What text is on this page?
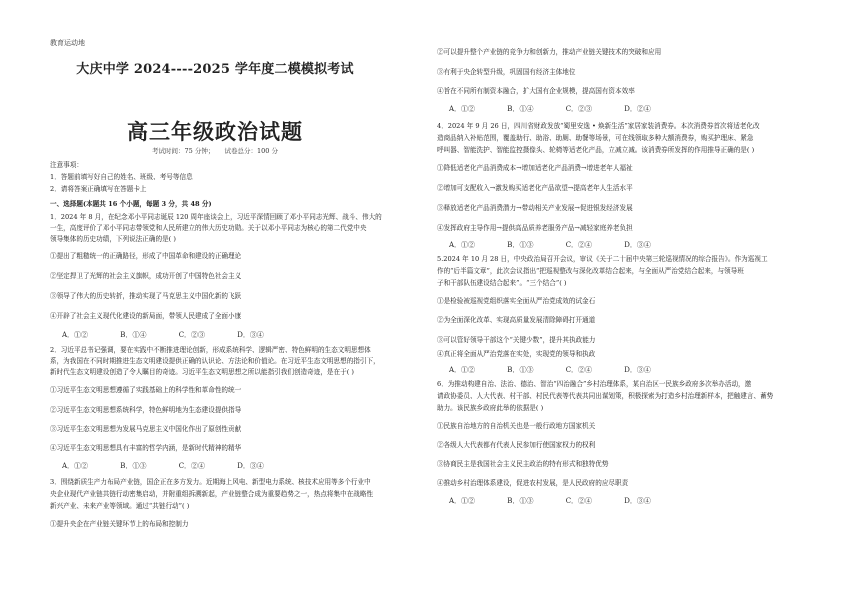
教育运动地
大庆中学 2024----2025 学年度二模模拟考试
高三年级政治试题
考试时间：75 分钟； 试卷总分：100 分
注意事项：
1．答题前填写好自己的姓名、班级、考号等信息
2．请将答案正确填写在答题卡上
一、选择题(本题共 16 个小题，每题 3 分，共 48 分)
1．2024 年 8 月，在纪念邓小平同志诞辰 120 周年座谈会上，习近平深情回顾了邓小平同志光辉、战斗、伟大的
一生，高度评价了邓小平同志带领党和人民所建立的伟大历史功勋。关于以邓小平同志为核心的第二代党中央
领导集体的历史功绩，下列说法正确的是( )
①提出了粗糙统一的正确路径，形成了中国革命和建设的正确理论
②坚定捍卫了光辉的社会主义旗帜，成功开创了中国特色社会主义
③领导了伟大的历史转折，推动实现了马克思主义中国化新的飞跃
④开辟了社会主义现代化建设的新局面，带领人民建成了全面小康
A．①②	B．①④	C．②③	D．③④
2．习近平总书记强调，要在实践中不断推进理论创新，形成系统科学、逻辑严密、特色鲜明的生态文明思想体
系，为我国在不同时期推进生态文明建设提供正确的认识论、方法论和价值论。在习近平生态文明思想的指引下，
新时代生态文明建设创造了令人瞩目的奇迹。习近平生态文明思想之所以能指引我们创造奇迹，是在于( )
①习近平生态文明思想遵循了实践基础上的科学性和革命性的统一
②习近平生态文明思想系统科学，特色鲜明地为生态建设提供指导
③习近平生态文明思想为发展马克思主义中国化作出了原创性贡献
④习近平生态文明思想具有丰富的哲学内涵，是新时代精神的精华
A．①②	B．①③	C．②④	D．③④
3．围绕新质生产力布局产业链，国企正在多方发力。近期海上风电、新型电力系统、核技术应用等多个行业中
央企业现代产业链共链行动密集启动，并附重组拆溯新起，产业链整合成为重要趋势之一，热点将集中在战略性
新兴产业、未来产业等领域。通过“共链行动”( )
①提升央企在产业链关键环节上的布局和控制力
②可以提升整个产业链的竞争力和创新力，推动产业链关键技术的突破和应用
③有利于央企转型升级，巩固国有经济主体地位
④旨在不同所有制资本融合，扩大国有企业规模，提高国有资本效率
A．①②	B．①④	C．②③	D．②④
4．2024 年 9 月 26 日，四川省财政发放“蜀里安逸 • 焕新生活”家居家装消费券。本次消费券首次将适老化改
造商品纳入补贴范围，覆盖助行、助浴、助厕、助餐等场景，可在线领取多种大额消费券，购买护理床、紧急
呼叫器、智能洗护、智能监控摄像头、轮椅等适老化产品，立减立减。该消费券所发挥的作用推导正确的是( )
①降低适老化产品消费成本→增加适老化产品消费→增进老年人福祉
②增加可支配收入→激发购买适老化产品欲望→提高老年人生活水平
③释放适老化产品消费潜力→带动相关产业发展→促进银发经济发展
④发挥政府主导作用→提供高品质养老服务产品→减轻家庭养老负担
A．①②	B．①③	C．②④	D．③④
5.2024 年 10 月 28 日，中央政治局召开会议，审议《关于二十届中央第三轮巡视情况的综合报告》。作为巡视工
作的“后半篇文章”，此次会议指出“把巡视整改与深化改革结合起来，与全面从严治党结合起来，与领导班
子和干部队伍建设结合起来”。“三个结合”( )
①是检验被巡视党组织落实全面从严治党成效的试金石
②为全面深化改革、实现高质量发展清除障碍打开通道
③可以管好领导干部这个“关键少数”，提升其执政能力
④真正将全面从严治党落在实处，实现党的领导和执政
A．①②	B．①③	C．②④	D．③④
6．为推动构建自治、法治、德治、智治“四治融合”乡村治理体系，某自治区一民族乡政府多次举办活动，邀
请政协委员、人大代表、村干部、村民代表等代表共同出谋划策，积极探索为打造乡村治理新样本，把触建言、蓄势
助力。该民族乡政府此举的依据是( )
①民族自治地方的自治机关也是一般行政地方国家机关
②各级人大代表都有代表人民参加行使国家权力的权利
③协商民主是我国社会主义民主政治的特有形式和独特优势
④推动乡村治理体系建设，促进农村发展，是人民政府的应尽职责
A．①②	B．①③	C．②④	D．③④
